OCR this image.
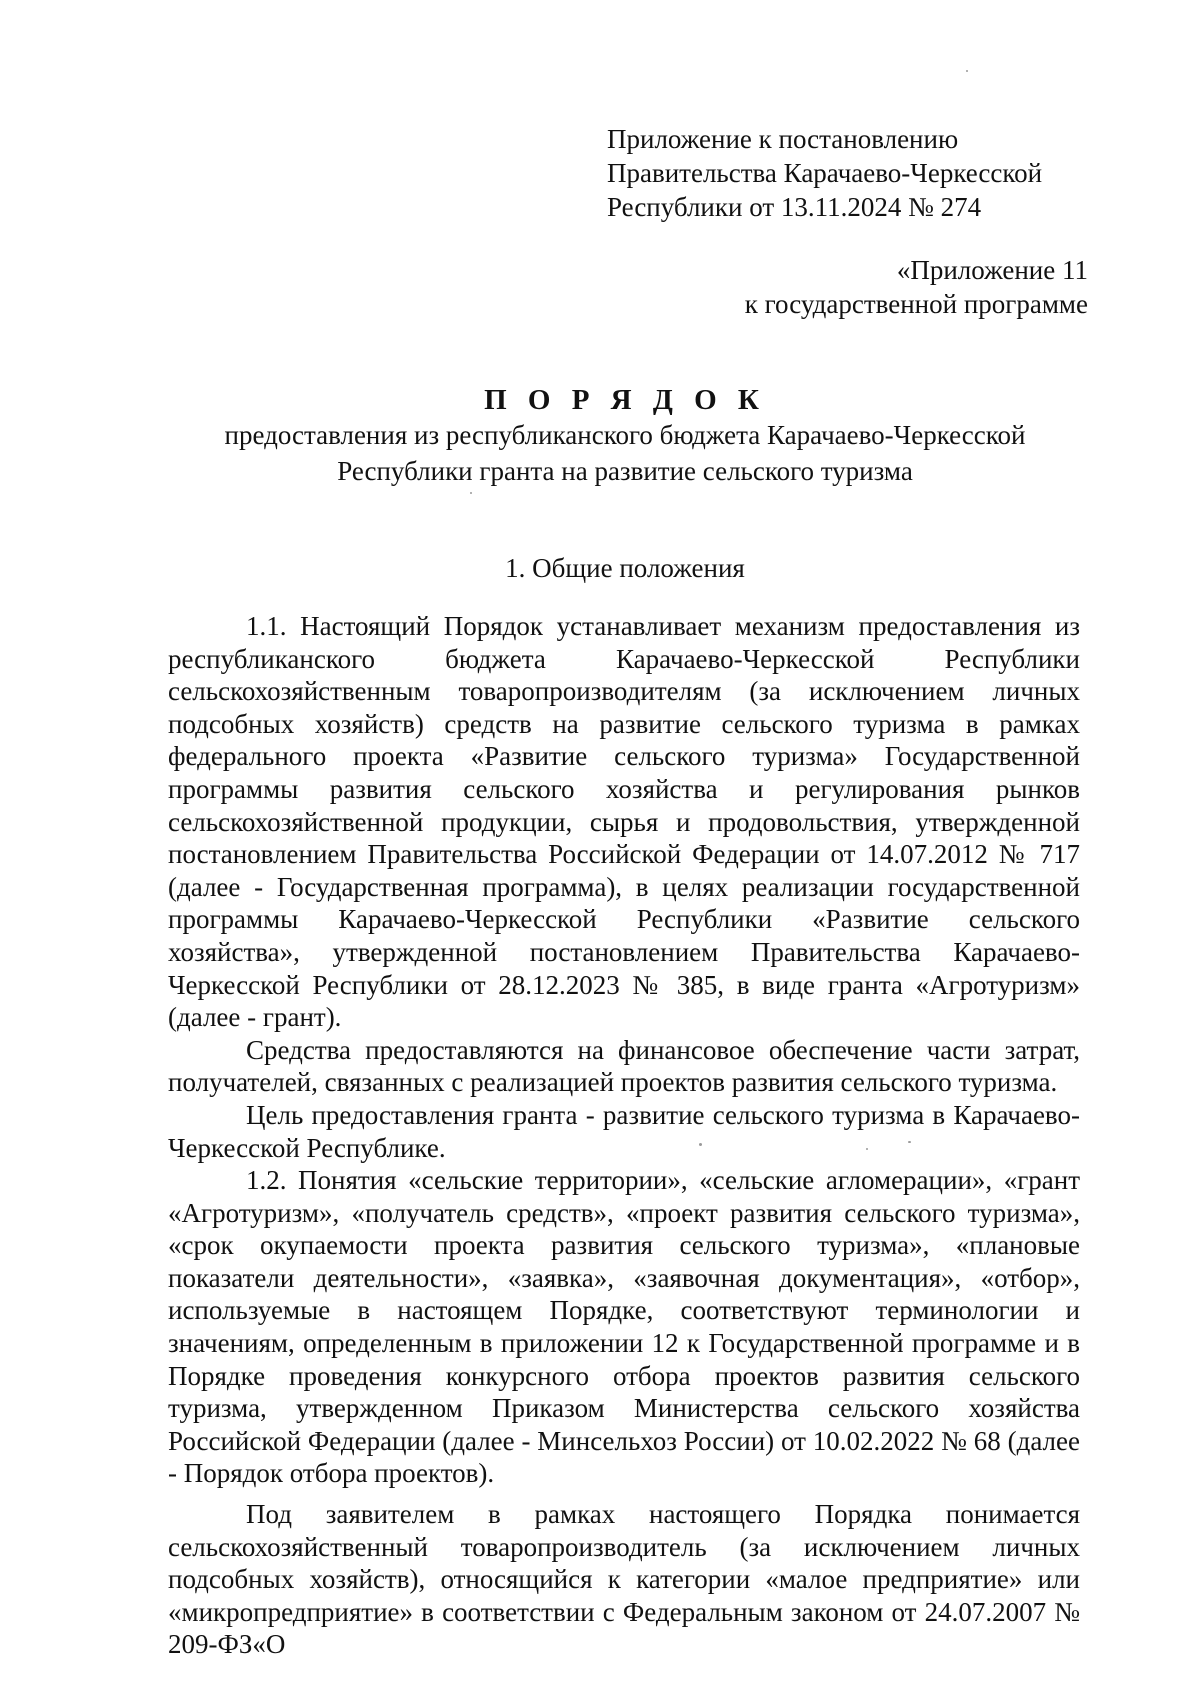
Приложение к постановлению
Правительства Карачаево-Черкесской
Республики от 13.11.2024 № 274
«Приложение 11
к государственной программе
П О Р Я Д О К
предоставления из республиканского бюджета Карачаево-Черкесской
Республики гранта на развитие сельского туризма
1. Общие положения

1.1. Настоящий Порядок устанавливает механизм предоставления из республиканского бюджета Карачаево-Черкесской Республики сельскохозяйственным товаропроизводителям (за исключением личных подсобных хозяйств) средств на развитие сельского туризма в рамках федерального проекта «Развитие сельского туризма» Государственной программы развития сельского хозяйства и регулирования рынков сельскохозяйственной продукции, сырья и продовольствия, утвержденной постановлением Правительства Российской Федерации от 14.07.2012 № 717 (далее - Государственная программа), в целях реализации государственной программы Карачаево-Черкесской Республики «Развитие сельского хозяйства», утвержденной постановлением Правительства Карачаево-Черкесской Республики от 28.12.2023 № 385, в виде гранта «Агротуризм» (далее - грант).

Средства предоставляются на финансовое обеспечение части затрат, получателей, связанных с реализацией проектов развития сельского туризма.

Цель предоставления гранта - развитие сельского туризма в Карачаево-Черкесской Республике.

1.2. Понятия «сельские территории», «сельские агломерации», «грант «Агротуризм», «получатель средств», «проект развития сельского туризма», «срок окупаемости проекта развития сельского туризма», «плановые показатели деятельности», «заявка», «заявочная документация», «отбор», используемые в настоящем Порядке, соответствуют терминологии и значениям, определенным в приложении 12 к Государственной программе и в Порядке проведения конкурсного отбора проектов развития сельского туризма, утвержденном Приказом Министерства сельского хозяйства Российской Федерации (далее - Минсельхоз России) от 10.02.2022 № 68 (далее - Порядок отбора проектов).

Под заявителем в рамках настоящего Порядка понимается сельскохозяйственный товаропроизводитель (за исключением личных подсобных хозяйств), относящийся к категории «малое предприятие» или «микропредприятие» в соответствии с Федеральным законом от 24.07.2007 № 209-ФЗ«О
